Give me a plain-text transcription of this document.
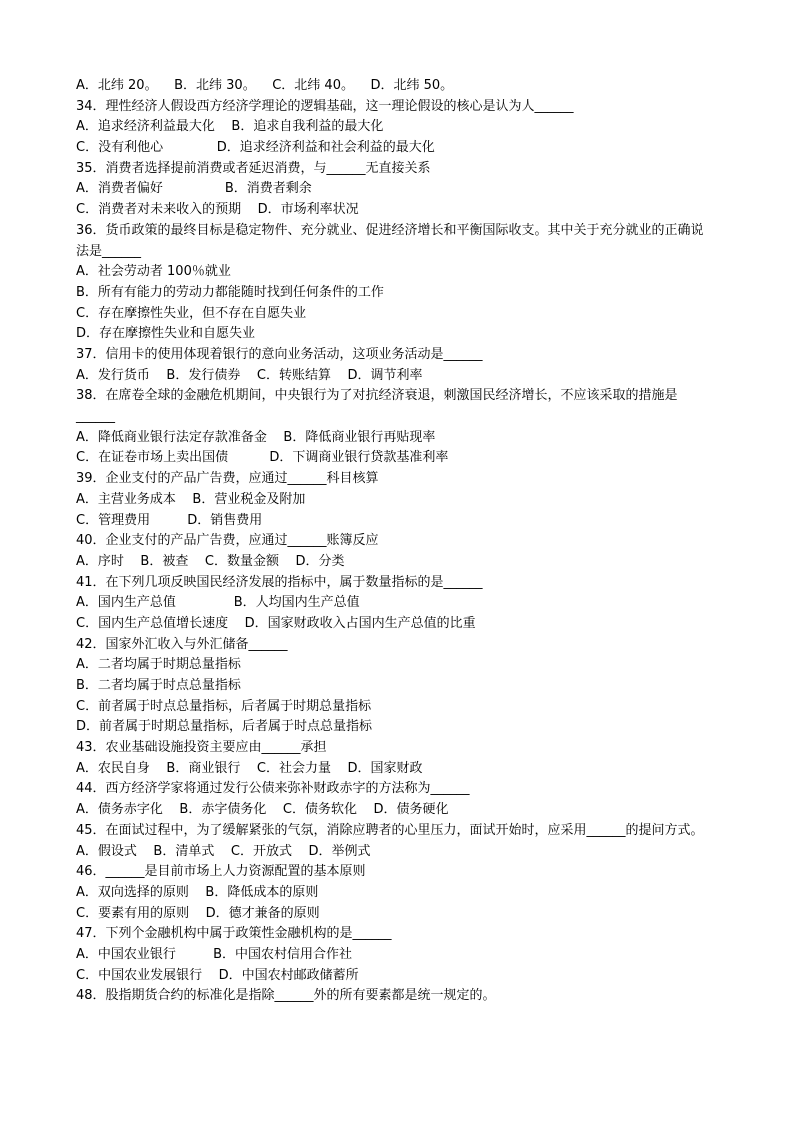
A．北纬 20。    B．北纬 30。    C．北纬 40。    D．北纬 50。
34．理性经济人假设西方经济学理论的逻辑基础，这一理论假设的核心是认为人______
A．追求经济利益最大化    B．追求自我利益的最大化
C．没有利他心             D．追求经济利益和社会利益的最大化
35．消费者选择提前消费或者延迟消费，与______无直接关系
A．消费者偏好               B．消费者剩余
C．消费者对未来收入的预期    D．市场利率状况
36．货币政策的最终目标是稳定物件、充分就业、促进经济增长和平衡国际收支。其中关于充分就业的正确说法是______
A．社会劳动者 100％就业
B．所有有能力的劳动力都能随时找到任何条件的工作
C．存在摩擦性失业，但不存在自愿失业
D．存在摩擦性失业和自愿失业
37．信用卡的使用体现着银行的意向业务活动，这项业务活动是______
A．发行货币    B．发行债券    C．转账结算    D．调节利率
38．在席卷全球的金融危机期间，中央银行为了对抗经济衰退，刺激国民经济增长，不应该采取的措施是______
A．降低商业银行法定存款准备金    B．降低商业银行再贴现率
C．在证卷市场上卖出国债          D．下调商业银行贷款基准利率
39．企业支付的产品广告费，应通过______科目核算
A．主营业务成本    B．营业税金及附加
C．管理费用         D．销售费用
40．企业支付的产品广告费，应通过______账簿反应
A．序时    B．被查    C．数量金额    D．分类
41．在下列几项反映国民经济发展的指标中，属于数量指标的是______
A．国内生产总值              B．人均国内生产总值
C．国内生产总值增长速度    D．国家财政收入占国内生产总值的比重
42．国家外汇收入与外汇储备______
A．二者均属于时期总量指标
B．二者均属于时点总量指标
C．前者属于时点总量指标，后者属于时期总量指标
D．前者属于时期总量指标，后者属于时点总量指标
43．农业基础设施投资主要应由______承担
A．农民自身    B．商业银行    C．社会力量    D．国家财政
44．西方经济学家将通过发行公债来弥补财政赤字的方法称为______
A．债务赤字化    B．赤字债务化    C．债务软化    D．债务硬化
45．在面试过程中，为了缓解紧张的气氛，消除应聘者的心里压力，面试开始时，应采用______的提问方式。
A．假设式    B．清单式    C．开放式    D．举例式
46．______是目前市场上人力资源配置的基本原则
A．双向选择的原则    B．降低成本的原则
C．要素有用的原则    D．德才兼备的原则
47．下列个金融机构中属于政策性金融机构的是______
A．中国农业银行         B．中国农村信用合作社
C．中国农业发展银行    D．中国农村邮政储蓄所
48．股指期货合约的标准化是指除______外的所有要素都是统一规定的。
